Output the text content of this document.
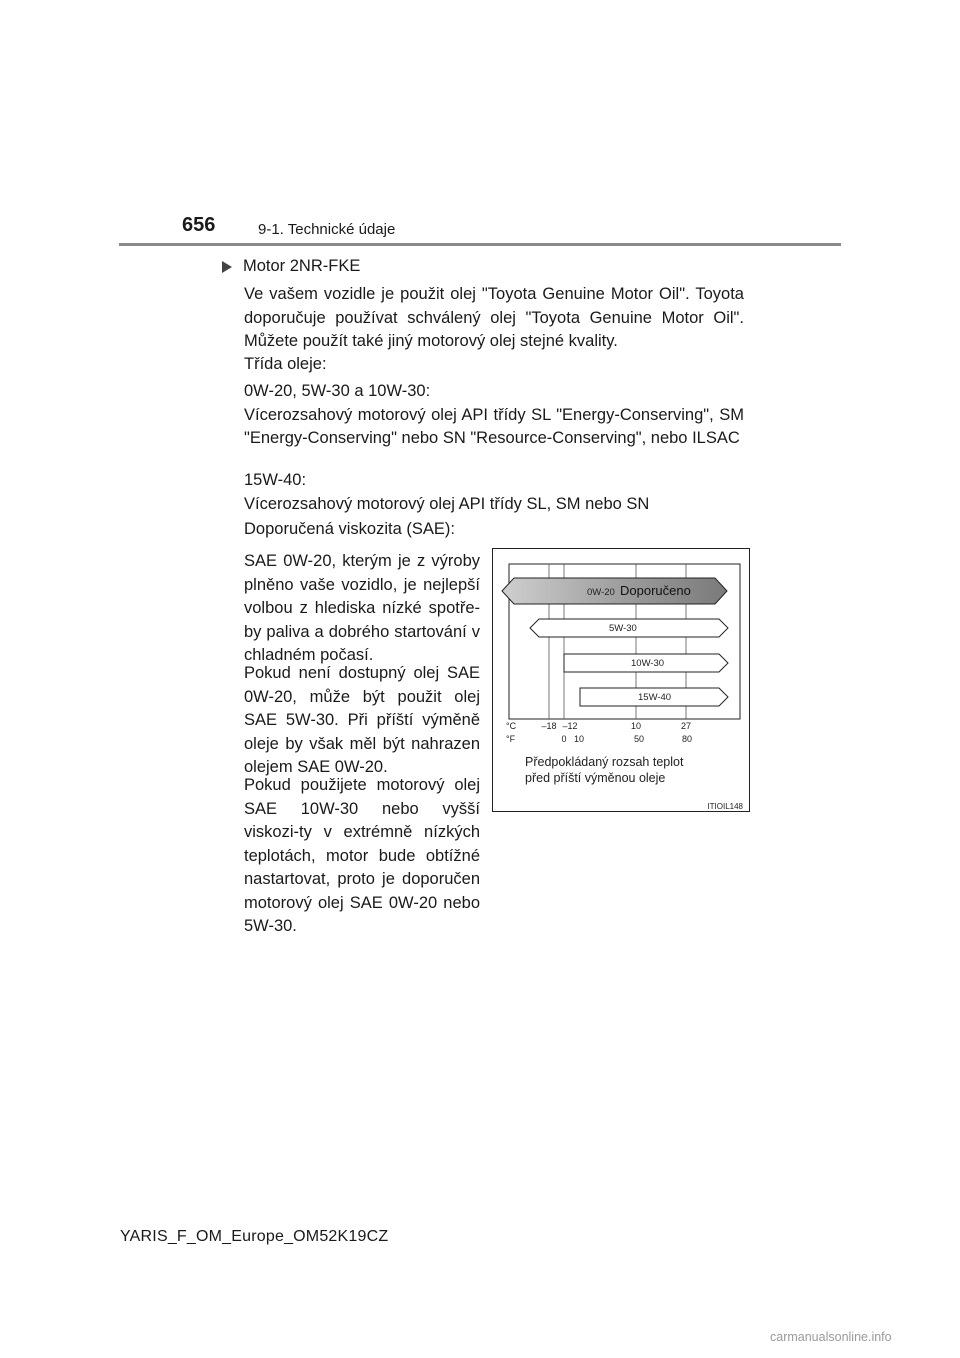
656	9-1. Technické údaje
Motor 2NR-FKE
Ve vašem vozidle je použit olej "Toyota Genuine Motor Oil". Toyota doporučuje používat schválený olej "Toyota Genuine Motor Oil". Můžete použít také jiný motorový olej stejné kvality.
Třída oleje:
0W-20, 5W-30 a 10W-30:
Vícerozsahový motorový olej API třídy SL "Energy-Conserving", SM "Energy-Conserving" nebo SN "Resource-Conserving", nebo ILSAC
15W-40:
Vícerozsahový motorový olej API třídy SL, SM nebo SN
Doporučená viskozita (SAE):
SAE 0W-20, kterým je z výroby plněno vaše vozidlo, je nejlepší volbou z hlediska nízké spotře-by paliva a dobrého startování v chladném počasí.
Pokud není dostupný olej SAE 0W-20, může být použit olej SAE 5W-30. Při příští výměně oleje by však měl být nahrazen olejem SAE 0W-20.
Pokud použijete motorový olej SAE 10W-30 nebo vyšší viskozi-ty v extrémně nízkých teplotách, motor bude obtížné nastartovat, proto je doporučen motorový olej SAE 0W-20 nebo 5W-30.
0W-20 Doporučeno
5W-30
10W-30
15W-40
°C
°F
–18 –12	10	27
0 10	50	80
Předpokládaný rozsah teplot
před příští výměnou oleje
ITIOIL148
YARIS_F_OM_Europe_OM52K19CZ
carmanualsonline.info
